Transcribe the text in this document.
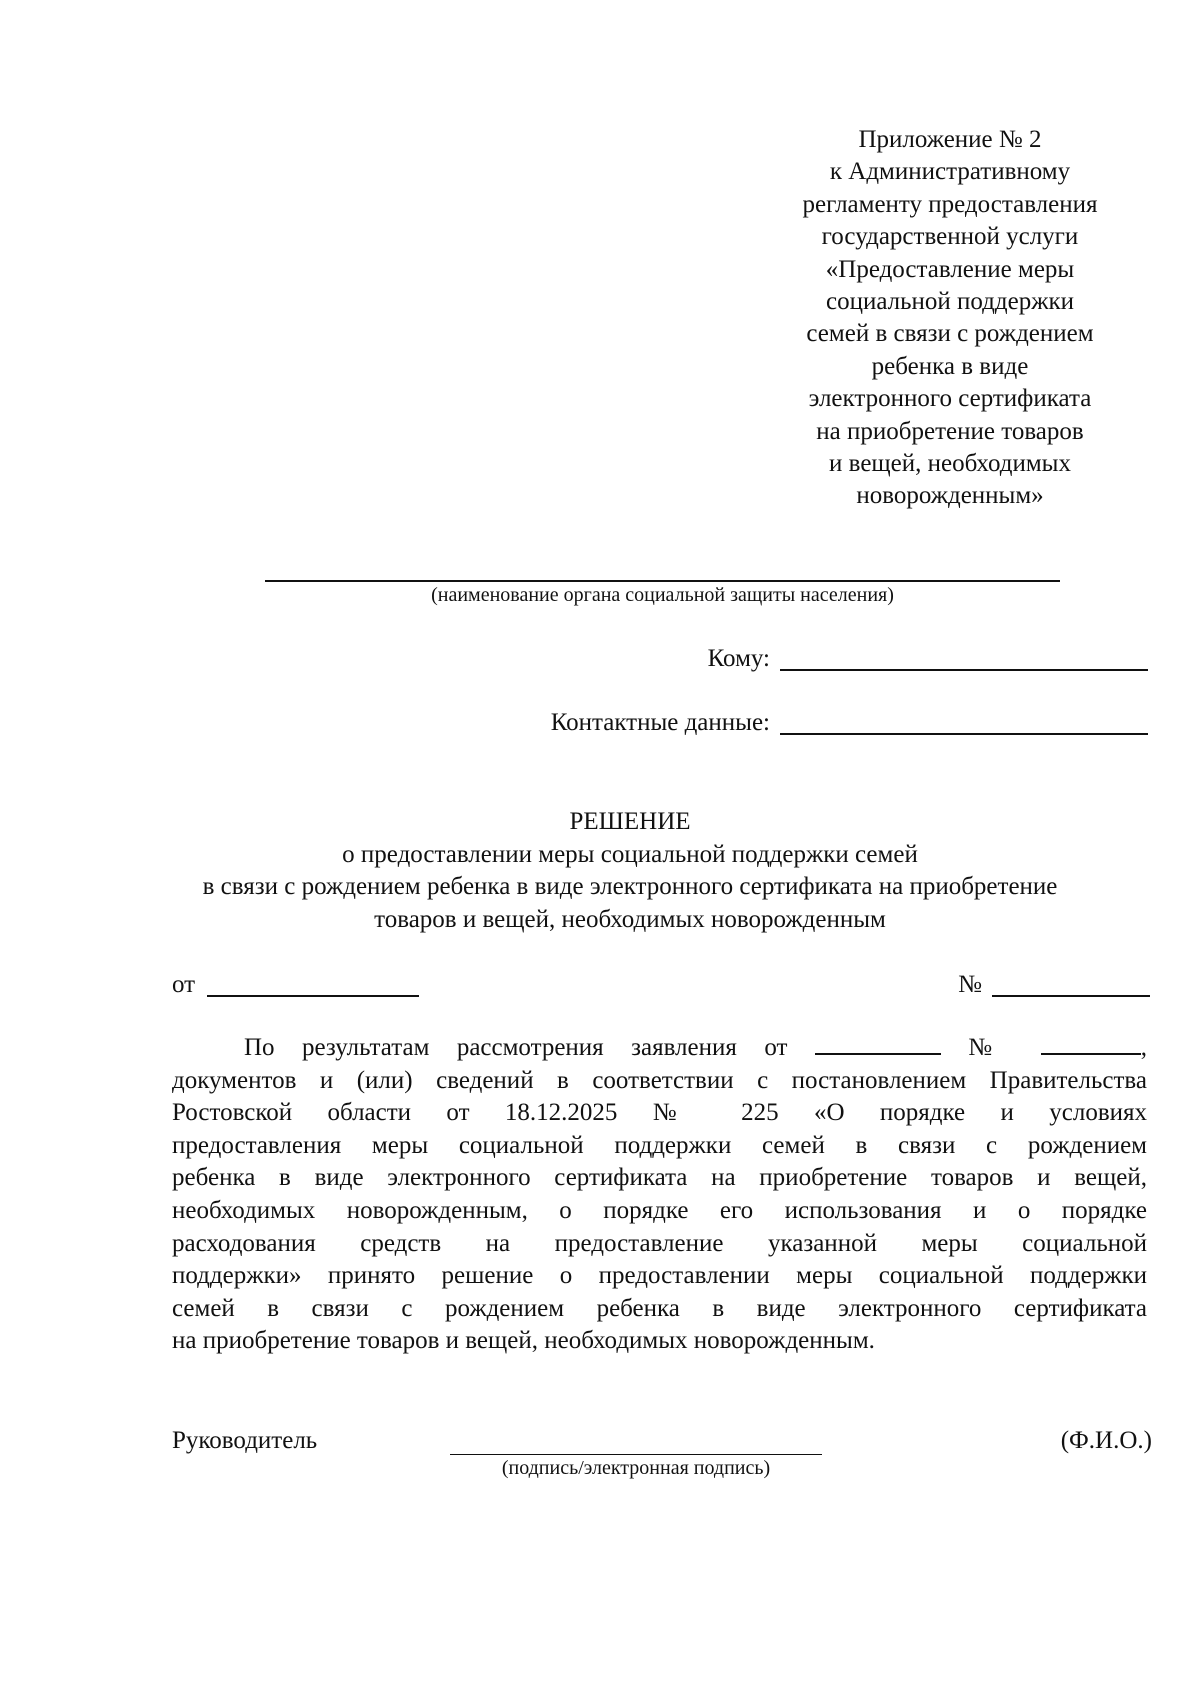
Приложение № 2
к Административному
регламенту предоставления
государственной услуги
«Предоставление меры
социальной поддержки
семей в связи с рождением
ребенка в виде
электронного сертификата
на приобретение товаров
и вещей, необходимых
новорожденным»
(наименование органа социальной защиты населения)
Кому:
Контактные данные:
РЕШЕНИЕ
о предоставлении меры социальной поддержки семей
в связи с рождением ребенка в виде электронного сертификата на приобретение
товаров и вещей, необходимых новорожденным
от	№
По результатам рассмотрения заявления от	№	,
документов и (или) сведений в соответствии с постановлением Правительства
Ростовской области от 18.12.2025 № 225 «О порядке и условиях
предоставления меры социальной поддержки семей в связи с рождением
ребенка в виде электронного сертификата на приобретение товаров и вещей,
необходимых новорожденным, о порядке его использования и о порядке
расходования средств на предоставление указанной меры социальной
поддержки» принято решение о предоставлении меры социальной поддержки
семей в связи с рождением ребенка в виде электронного сертификата
на приобретение товаров и вещей, необходимых новорожденным.
Руководитель
(подпись/электронная подпись)
(Ф.И.О.)
